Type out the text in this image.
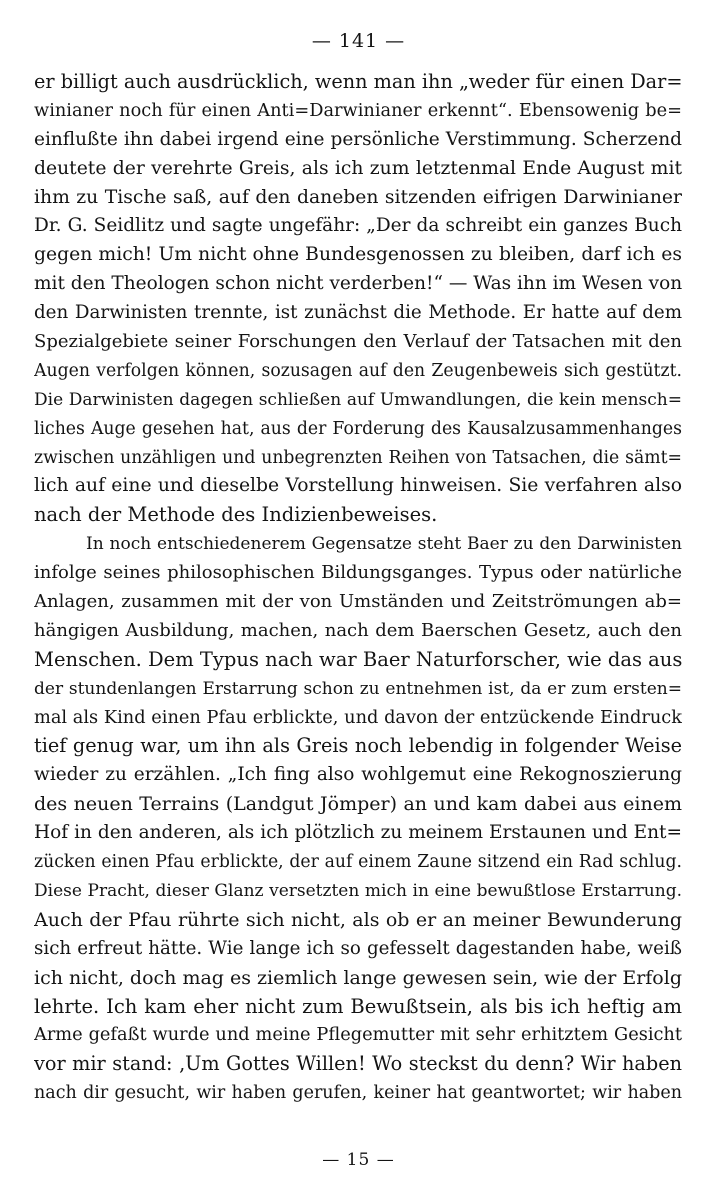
— 141 —
er billigt auch ausdrücklich, wenn man ihn „weder für einen Dar=
winianer noch für einen Anti=Darwinianer erkennt“. Ebensowenig be=
einflußte ihn dabei irgend eine persönliche Verstimmung. Scherzend
deutete der verehrte Greis, als ich zum letztenmal Ende August mit
ihm zu Tische saß, auf den daneben sitzenden eifrigen Darwinianer
Dr. G. Seidlitz und sagte ungefähr: „Der da schreibt ein ganzes Buch
gegen mich! Um nicht ohne Bundesgenossen zu bleiben, darf ich es
mit den Theologen schon nicht verderben!“ — Was ihn im Wesen von
den Darwinisten trennte, ist zunächst die Methode. Er hatte auf dem
Spezialgebiete seiner Forschungen den Verlauf der Tatsachen mit den
Augen verfolgen können, sozusagen auf den Zeugenbeweis sich gestützt.
Die Darwinisten dagegen schließen auf Umwandlungen, die kein mensch=
liches Auge gesehen hat, aus der Forderung des Kausalzusammenhanges
zwischen unzähligen und unbegrenzten Reihen von Tatsachen, die sämt=
lich auf eine und dieselbe Vorstellung hinweisen. Sie verfahren also
nach der Methode des Indizienbeweises.
In noch entschiedenerem Gegensatze steht Baer zu den Darwinisten
infolge seines philosophischen Bildungsganges. Typus oder natürliche
Anlagen, zusammen mit der von Umständen und Zeitströmungen ab=
hängigen Ausbildung, machen, nach dem Baerschen Gesetz, auch den
Menschen. Dem Typus nach war Baer Naturforscher, wie das aus
der stundenlangen Erstarrung schon zu entnehmen ist, da er zum ersten=
mal als Kind einen Pfau erblickte, und davon der entzückende Eindruck
tief genug war, um ihn als Greis noch lebendig in folgender Weise
wieder zu erzählen. „Ich fing also wohlgemut eine Rekognoszierung
des neuen Terrains (Landgut Jömper) an und kam dabei aus einem
Hof in den anderen, als ich plötzlich zu meinem Erstaunen und Ent=
zücken einen Pfau erblickte, der auf einem Zaune sitzend ein Rad schlug.
Diese Pracht, dieser Glanz versetzten mich in eine bewußtlose Erstarrung.
Auch der Pfau rührte sich nicht, als ob er an meiner Bewunderung
sich erfreut hätte. Wie lange ich so gefesselt dagestanden habe, weiß
ich nicht, doch mag es ziemlich lange gewesen sein, wie der Erfolg
lehrte. Ich kam eher nicht zum Bewußtsein, als bis ich heftig am
Arme gefaßt wurde und meine Pflegemutter mit sehr erhitztem Gesicht
vor mir stand: ‚Um Gottes Willen! Wo steckst du denn? Wir haben
nach dir gesucht, wir haben gerufen, keiner hat geantwortet; wir haben
— 15 —
